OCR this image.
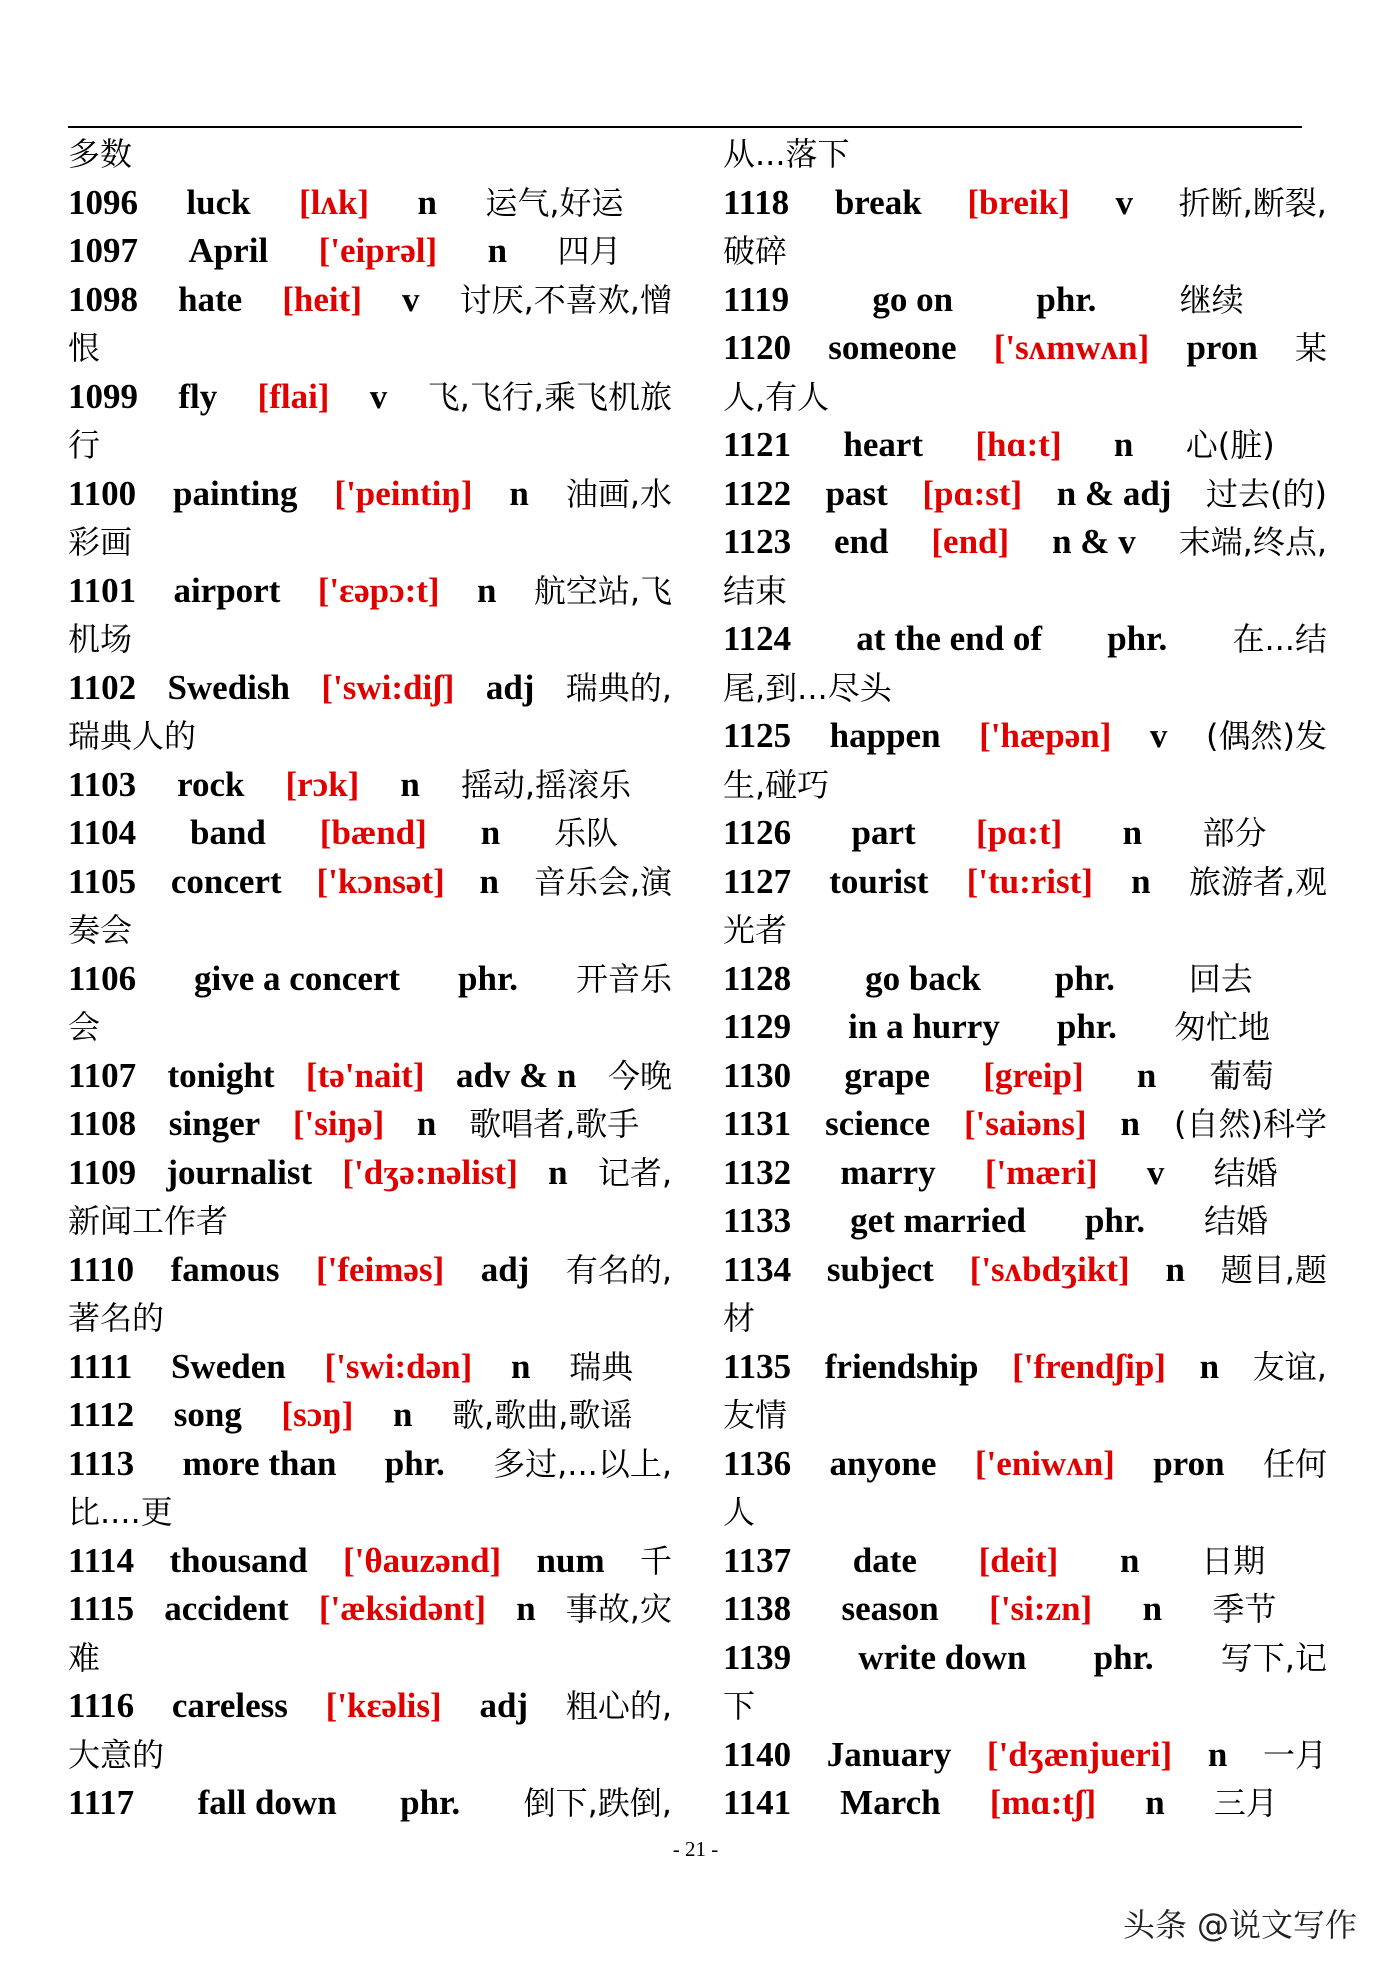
多数
1096 luck [lʌk] n 运气,好运
1097 April ['eiprəl] n 四月
1098 hate [heit] v 讨厌,不喜欢,憎
恨
1099 fly [flai] v 飞,飞行,乘飞机旅
行
1100 painting ['peintiŋ] n 油画,水
彩画
1101 airport ['ɛəpɔ:t] n 航空站,飞
机场
1102 Swedish ['swi:diʃ] adj 瑞典的,
瑞典人的
1103 rock [rɔk] n 摇动,摇滚乐
1104 band [bænd] n 乐队
1105 concert ['kɔnsət] n 音乐会,演
奏会
1106 give a concert phr. 开音乐
会
1107 tonight [tə'nait] adv & n 今晚
1108 singer ['siŋə] n 歌唱者,歌手
1109 journalist ['dʒə:nəlist] n 记者,
新闻工作者
1110 famous ['feiməs] adj 有名的,
著名的
1111 Sweden ['swi:dən] n 瑞典
1112 song [sɔŋ] n 歌,歌曲,歌谣
1113 more than phr. 多过,...以上,
比....更
1114 thousand ['θauzənd] num 千
1115 accident ['æksidənt] n 事故,灾
难
1116 careless ['kɛəlis] adj 粗心的,
大意的
1117 fall down phr. 倒下,跌倒,
从...落下
1118 break [breik] v 折断,断裂,
破碎
1119 go on phr.	继续
1120 someone ['sʌmwʌn] pron 某
人,有人
1121 heart [hɑ:t] n 心(脏)
1122 past [pɑ:st] n & adj 过去(的)
1123 end [end] n & v 末端,终点,
结束
1124 at the end of phr. 在...结
尾,到...尽头
1125 happen ['hæpən] v (偶然)发
生,碰巧
1126 part [pɑ:t] n 部分
1127 tourist ['tu:rist] n 旅游者,观
光者
1128 go back phr. 回去
1129 in a hurry phr. 匆忙地
1130 grape [greip] n 葡萄
1131 science ['saiəns] n (自然)科学
1132 marry ['mæri] v 结婚
1133 get married phr. 结婚
1134 subject ['sʌbdʒikt] n 题目,题
材
1135 friendship ['frendʃip] n 友谊,
友情
1136 anyone ['eniwʌn] pron 任何
人
1137 date [deit] n 日期
1138 season ['si:zn] n 季节
1139 write down phr. 写下,记
下
1140 January ['dʒænjueri] n 一月
1141 March [mɑ:tʃ] n 三月
- 21 -
头条 @说文写作
